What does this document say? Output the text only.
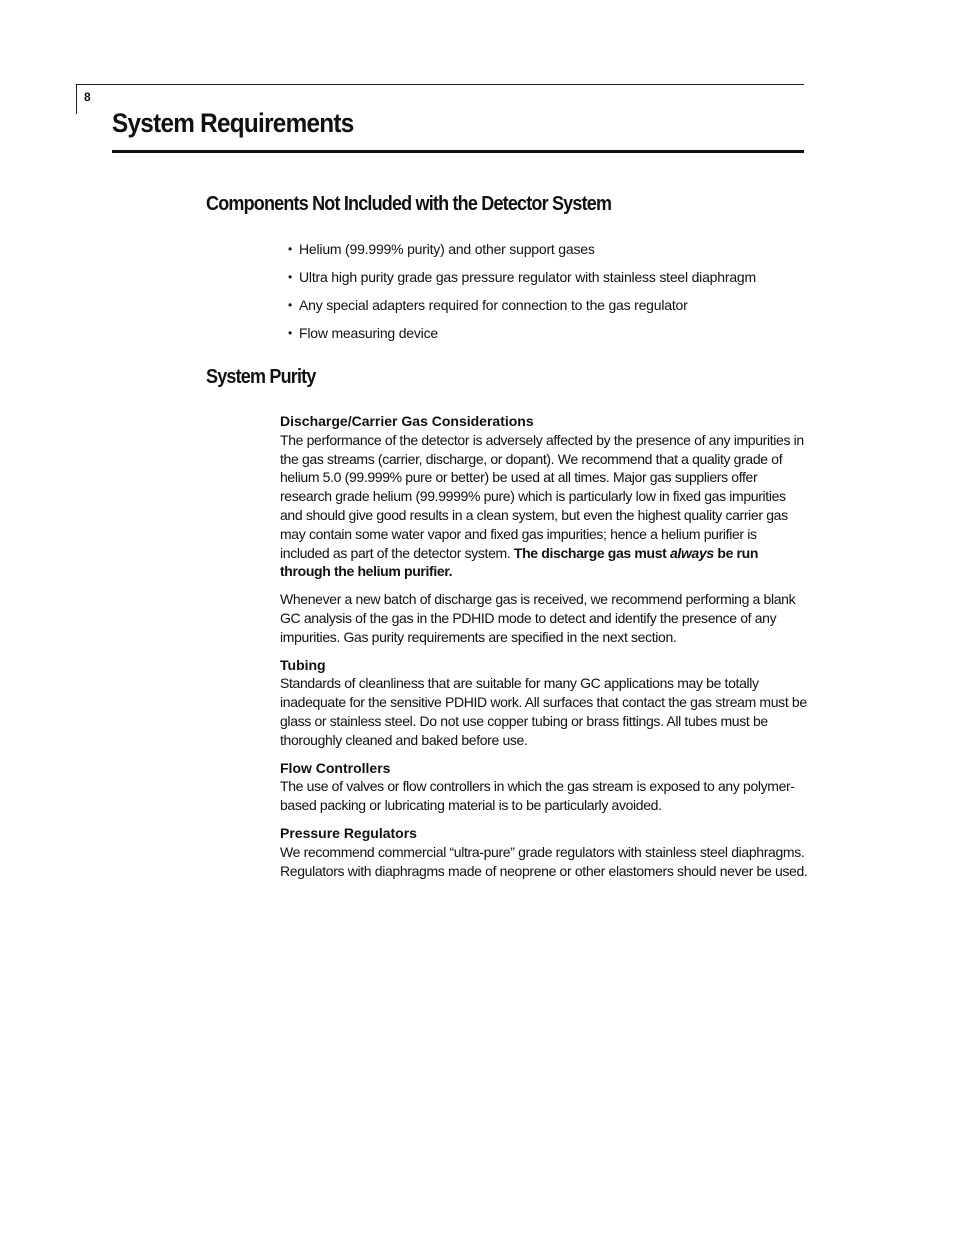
8
System Requirements
Components Not Included with the Detector System
• Helium (99.999% purity) and other support gases
• Ultra high purity grade gas pressure regulator with stainless steel diaphragm
• Any special adapters required for connection to the gas regulator
• Flow measuring device
System Purity

Discharge/Carrier Gas Considerations

The performance of the detector is adversely affected by the presence of any impurities in the gas streams (carrier, discharge, or dopant). We recommend that a quality grade of helium 5.0 (99.999% pure or better) be used at all times. Major gas suppliers offer research grade helium (99.9999% pure) which is particularly low in fixed gas impurities and should give good results in a clean system, but even the highest quality carrier gas may contain some water vapor and fixed gas impurities; hence a helium purifier is included as part of the detector system. The discharge gas must always be run through the helium purifier.

Whenever a new batch of discharge gas is received, we recommend performing a blank GC analysis of the gas in the PDHID mode to detect and identify the presence of any impurities. Gas purity requirements are specified in the next section.

Tubing

Standards of cleanliness that are suitable for many GC applications may be totally inadequate for the sensitive PDHID work. All surfaces that contact the gas stream must be glass or stainless steel. Do not use copper tubing or brass fittings. All tubes must be thoroughly cleaned and baked before use.

Flow Controllers

The use of valves or flow controllers in which the gas stream is exposed to any polymer-based packing or lubricating material is to be particularly avoided.

Pressure Regulators

We recommend commercial “ultra-pure” grade regulators with stainless steel diaphragms. Regulators with diaphragms made of neoprene or other elastomers should never be used.
